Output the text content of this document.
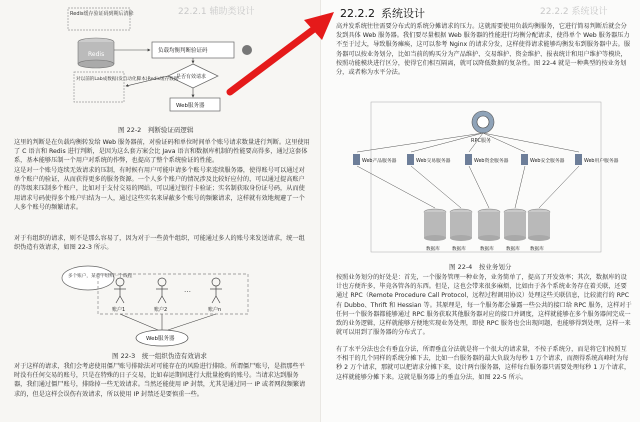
22.2.1 辅助类设计
Redis缓存验证码到期后清除
Redis	负载均衡判断验证码
是否有效请求
对以前的Lab成数据(发自动化脚本)Redis缓存数据
Web服务器
图 22-2　判断验证码逻辑
这里的判断是在负载均衡转发给 Web 服务器前，对验证码和单位时间单个账号请求数量进行判断。这里使用了 C 语言和 Redis 进行判断，是因为这么套方案会比 Java 语言和数据库机制的性能要高得多，通过这套体系，基本能够压制一个用户对系统的作弊，也提高了整个系统验证的性能。
这是对一个账号连续无效请求的压制，有时候有用户可能申请多个账号来连续服务器，使得账号可以通过对单个账户的验证，从而获得更多的服务资源。一个人多个账户的情况涉及比较好应付的，可以通过提高账户的等级来压制多个账户，比如对于支付交易的网站，可以通过银行卡验证；实名制获取身份证号码，从而使用请求号码使得多个账户归结为一人，通过这些实名来屏蔽多个账号的频繁请求，这样就有效地规避了一个人多个账号的频繁请求。
对于有组织的请求，则不是那么容易了，因为对于一些黄牛组织，可能通过多人的账号来发送请求，统一组织伪造有效请求，如图 22-3 所示。
多个账户，某黄牛组织一个线程
账户1	账户2
…
账户n
Web服务器
图 22-3　统一组织伪造有效请求
对于这样的请求，我们会考虑使用僵尸账号排除法对可能存在的风险进行排除。所谓僵尸账号，是指那些平时没有任何交易的账号，只是在特殊的日子交易，比如春运期间进行大批量抢购的账号。当请求达到服务器，我们通过僵尸账号，排除掉一些无效请求。当然还能使用 IP 封禁，尤其是通过同一 IP 或者网段频繁请求的，但是这样会误伤有效请求，所以使用 IP 封禁还是要慎重一些。
高并发系统往往需要分布式的系统分摊请求的压力。这就需要使用负载均衡服务，它进行简易判断后就会分发到具体 Web 服务器。我们要尽量根据 Web 服务器的性能进行均衡分配请求，使得单个 Web 服务器压力不至于过大，导致服务瘫痪，这可以参考 Nginx 的请求分发，这样使得请求能够均衡发布到服务器中去。服务器可以按业务划分，比如当前的购买分为产品维护、交易维护、资金维护、报表统计和用户维护等模块，按照功能模块进行区分，使得它们相互隔离，就可以降低数据的复杂性。图 22-4 就是一种典型的按业务划分，或者称为水平分法。
RPC服务
Web产品服务器	Web交易服务器	Web资金服务器	Web安全服务器	Web用户服务器
数据库	数据库	数据库	数据库 数据库
图 22-4　按业务划分
按照业务划分的好处是：首先，一个服务管理一种业务，业务简单了，提高了开发效率；其次，数据库的设计也方便许多，毕竟各管各的东西。但是，这也会带来很多麻烦，比如由于各个系统业务存在着关联，还要通过 RPC（Remote Procedure Call Protocol，远程过程调用协议）处理这些关联信息，比较流行的 RPC 有 Dubbo、Thrift 和 Hessian 等。其原理是，每一个服务都会暴露一些公共的接口给 RPC 服务，这样对于任何一个服务器都能够通过 RPC 服务获取其他服务器对应的接口并调度，这样就能够在多个服务器间完成一致的业务逻辑，这样就能够方便地实现业务处理，即使 RPC 服务也会出现问题，也能够得到处理，这样一来就可以用到了服务器的分布式了。
有了水平分法也会有垂直分法，所谓垂直分法就是将一个很大的请求量，不按子系统分，而是将它们按照互不相干的几个同样的系统分摊下去，比如一台服务器的最大负载为每秒 1 万个请求，而测得系统高峰时为每秒 2 万个请求，那就可以把请求分摊下来，设计两台服务器，这样每台服务器只需要处理每秒 1 万个请求，这样就能够分摊下来。这就是服务器上的垂直分法，如图 22-5 所示。
22.2.2 系统设计	22.2.2 系统设计
